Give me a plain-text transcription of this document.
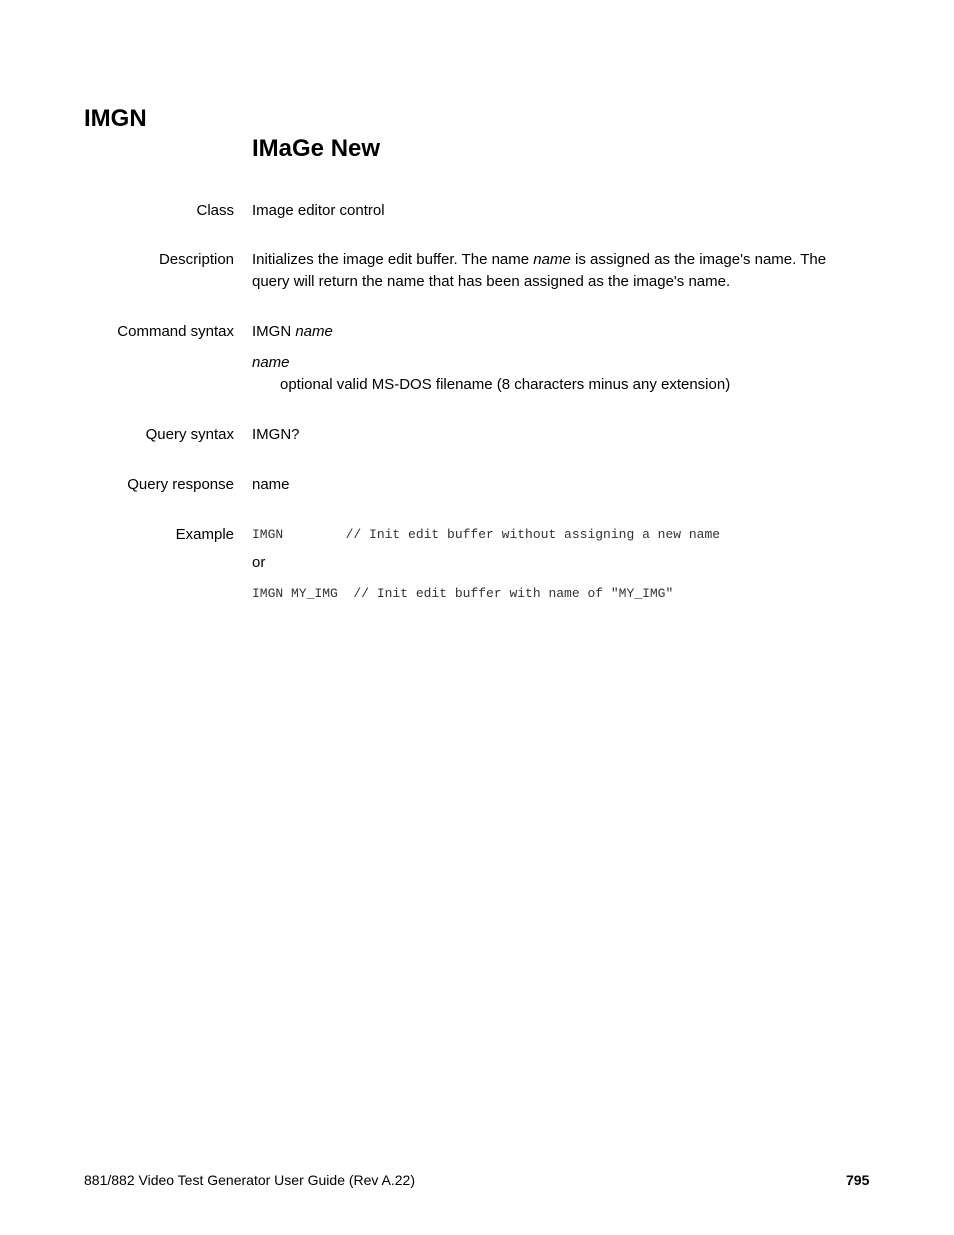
IMGN
IMaGe New
Class Image editor control
Description Initializes the image edit buffer. The name name is assigned as the image's name. The query will return the name that has been assigned as the image's name.
Command syntax IMGN name
name
optional valid MS-DOS filename (8 characters minus any extension)
Query syntax IMGN?
Query response name
Example IMGN        // Init edit buffer without assigning a new name
or
IMGN MY_IMG  // Init edit buffer with name of "MY_IMG"
881/882 Video Test Generator User Guide (Rev A.22)	795
